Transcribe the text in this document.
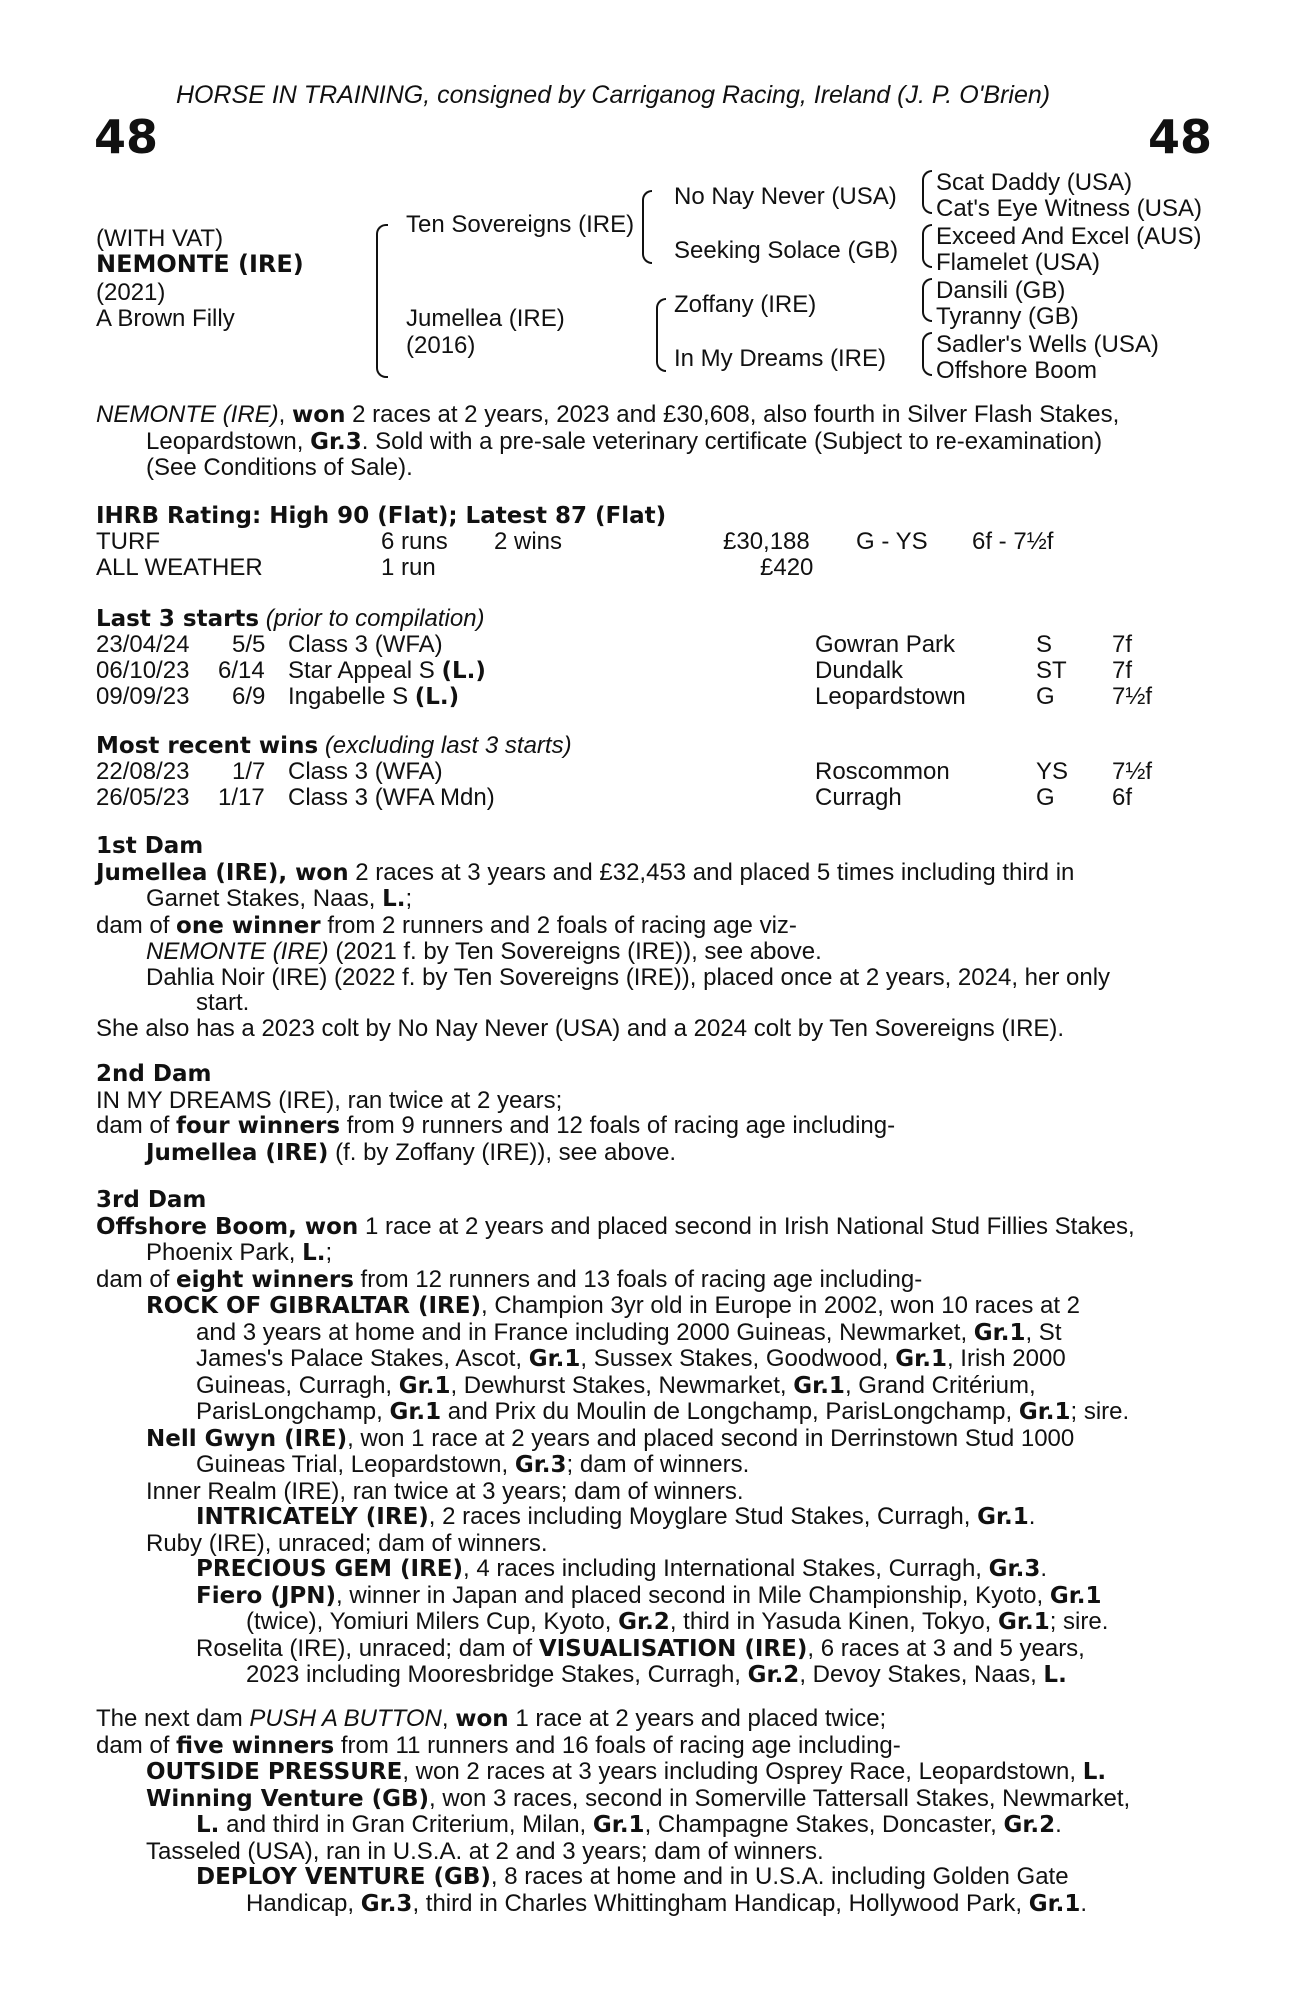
HORSE IN TRAINING, consigned by Carriganog Racing, Ireland (J. P. O'Brien)
48	48
(WITH VAT)
NEMONTE (IRE)
(2021)
A Brown Filly
Ten Sovereigns (IRE)
Jumellea (IRE)
(2016)
No Nay Never (USA)
Seeking Solace (GB)
Zoffany (IRE)
In My Dreams (IRE)
Scat Daddy (USA)
Cat's Eye Witness (USA)
Exceed And Excel (AUS)
Flamelet (USA)
Dansili (GB)
Tyranny (GB)
Sadler's Wells (USA)
Offshore Boom
NEMONTE (IRE), won 2 races at 2 years, 2023 and £30,608, also fourth in Silver Flash Stakes,
Leopardstown, Gr.3. Sold with a pre-sale veterinary certificate (Subject to re-examination)
(See Conditions of Sale).
IHRB Rating: High 90 (Flat); Latest 87 (Flat)
TURF	6 runs 2 wins	£30,188 G - YS 6f - 7½f
ALL WEATHER	1 run	£420
Last 3 starts (prior to compilation)
23/04/24 5/5 Class 3 (WFA)	Gowran Park	S 7f
06/10/23 6/14 Star Appeal S (L.)	Dundalk	ST 7f
09/09/23 6/9 Ingabelle S (L.)	Leopardstown	G 7½f
Most recent wins (excluding last 3 starts)
22/08/23 1/7 Class 3 (WFA)	Roscommon	YS 7½f
26/05/23 1/17 Class 3 (WFA Mdn)	Curragh	G 6f
1st Dam
Jumellea (IRE), won 2 races at 3 years and £32,453 and placed 5 times including third in
Garnet Stakes, Naas, L.;
dam of one winner from 2 runners and 2 foals of racing age viz-
NEMONTE (IRE) (2021 f. by Ten Sovereigns (IRE)), see above.
Dahlia Noir (IRE) (2022 f. by Ten Sovereigns (IRE)), placed once at 2 years, 2024, her only
start.
She also has a 2023 colt by No Nay Never (USA) and a 2024 colt by Ten Sovereigns (IRE).
2nd Dam
IN MY DREAMS (IRE), ran twice at 2 years;
dam of four winners from 9 runners and 12 foals of racing age including-
Jumellea (IRE) (f. by Zoffany (IRE)), see above.
3rd Dam
Offshore Boom, won 1 race at 2 years and placed second in Irish National Stud Fillies Stakes,
Phoenix Park, L.;
dam of eight winners from 12 runners and 13 foals of racing age including-
ROCK OF GIBRALTAR (IRE), Champion 3yr old in Europe in 2002, won 10 races at 2
and 3 years at home and in France including 2000 Guineas, Newmarket, Gr.1, St
James's Palace Stakes, Ascot, Gr.1, Sussex Stakes, Goodwood, Gr.1, Irish 2000
Guineas, Curragh, Gr.1, Dewhurst Stakes, Newmarket, Gr.1, Grand Critérium,
ParisLongchamp, Gr.1 and Prix du Moulin de Longchamp, ParisLongchamp, Gr.1; sire.
Nell Gwyn (IRE), won 1 race at 2 years and placed second in Derrinstown Stud 1000
Guineas Trial, Leopardstown, Gr.3; dam of winners.
Inner Realm (IRE), ran twice at 3 years; dam of winners.
INTRICATELY (IRE), 2 races including Moyglare Stud Stakes, Curragh, Gr.1.
Ruby (IRE), unraced; dam of winners.
PRECIOUS GEM (IRE), 4 races including International Stakes, Curragh, Gr.3.
Fiero (JPN), winner in Japan and placed second in Mile Championship, Kyoto, Gr.1
(twice), Yomiuri Milers Cup, Kyoto, Gr.2, third in Yasuda Kinen, Tokyo, Gr.1; sire.
Roselita (IRE), unraced; dam of VISUALISATION (IRE), 6 races at 3 and 5 years,
2023 including Mooresbridge Stakes, Curragh, Gr.2, Devoy Stakes, Naas, L.
The next dam PUSH A BUTTON, won 1 race at 2 years and placed twice;
dam of five winners from 11 runners and 16 foals of racing age including-
OUTSIDE PRESSURE, won 2 races at 3 years including Osprey Race, Leopardstown, L.
Winning Venture (GB), won 3 races, second in Somerville Tattersall Stakes, Newmarket,
L. and third in Gran Criterium, Milan, Gr.1, Champagne Stakes, Doncaster, Gr.2.
Tasseled (USA), ran in U.S.A. at 2 and 3 years; dam of winners.
DEPLOY VENTURE (GB), 8 races at home and in U.S.A. including Golden Gate
Handicap, Gr.3, third in Charles Whittingham Handicap, Hollywood Park, Gr.1.
